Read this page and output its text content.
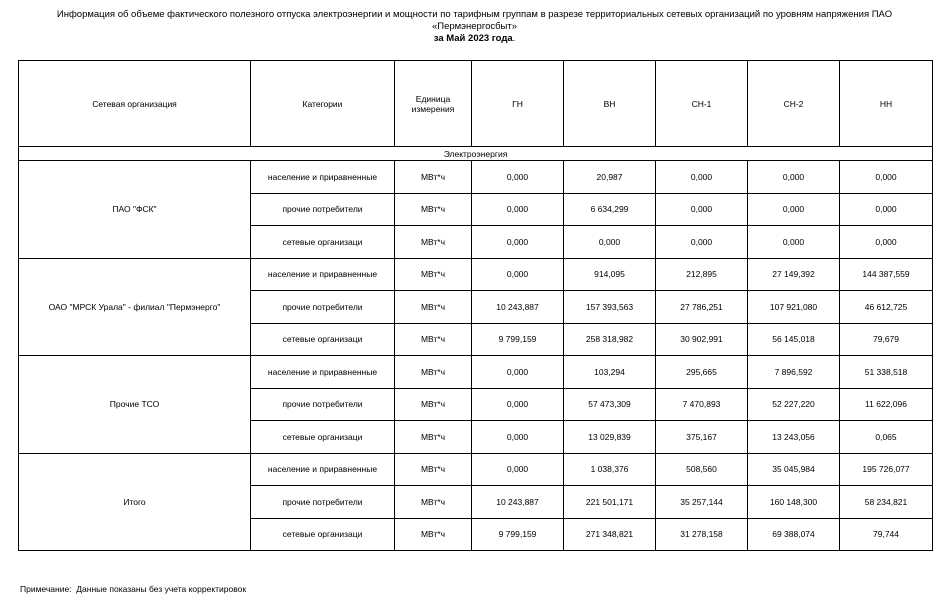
Информация об объеме фактического полезного отпуска электроэнергии и мощности по тарифным группам в разрезе территориальных сетевых организаций по уровням напряжения ПАО
«Пермэнергосбыт»
за Май 2023 года.
Сетевая организация	Категории	Единица измерения	ГН	ВН	СН-1	СН-2	НН
Электроэнергия							
ПАО "ФСК"	население и приравненные	МВт*ч	0,000	20,987	0,000	0,000	0,000
	прочие потребители	МВт*ч	0,000	6 634,299	0,000	0,000	0,000
	сетевые организаци	МВт*ч	0,000	0,000	0,000	0,000	0,000
ОАО "МРСК Урала" - филиал "Пермэнерго"	население и приравненные	МВт*ч	0,000	914,095	212,895	27 149,392	144 387,559
	прочие потребители	МВт*ч	10 243,887	157 393,563	27 786,251	107 921,080	46 612,725
	сетевые организаци	МВт*ч	9 799,159	258 318,982	30 902,991	56 145,018	79,679
Прочие ТСО	население и приравненные	МВт*ч	0,000	103,294	295,665	7 896,592	51 338,518
	прочие потребители	МВт*ч	0,000	57 473,309	7 470,893	52 227,220	11 622,096
	сетевые организаци	МВт*ч	0,000	13 029,839	375,167	13 243,056	0,065
Итого	население и приравненные	МВт*ч	0,000	1 038,376	508,560	35 045,984	195 726,077
	прочие потребители	МВт*ч	10 243,887	221 501,171	35 257,144	160 148,300	58 234,821
	сетевые организаци	МВт*ч	9 799,159	271 348,821	31 278,158	69 388,074	79,744
Примечание: Данные показаны без учета корректировок
